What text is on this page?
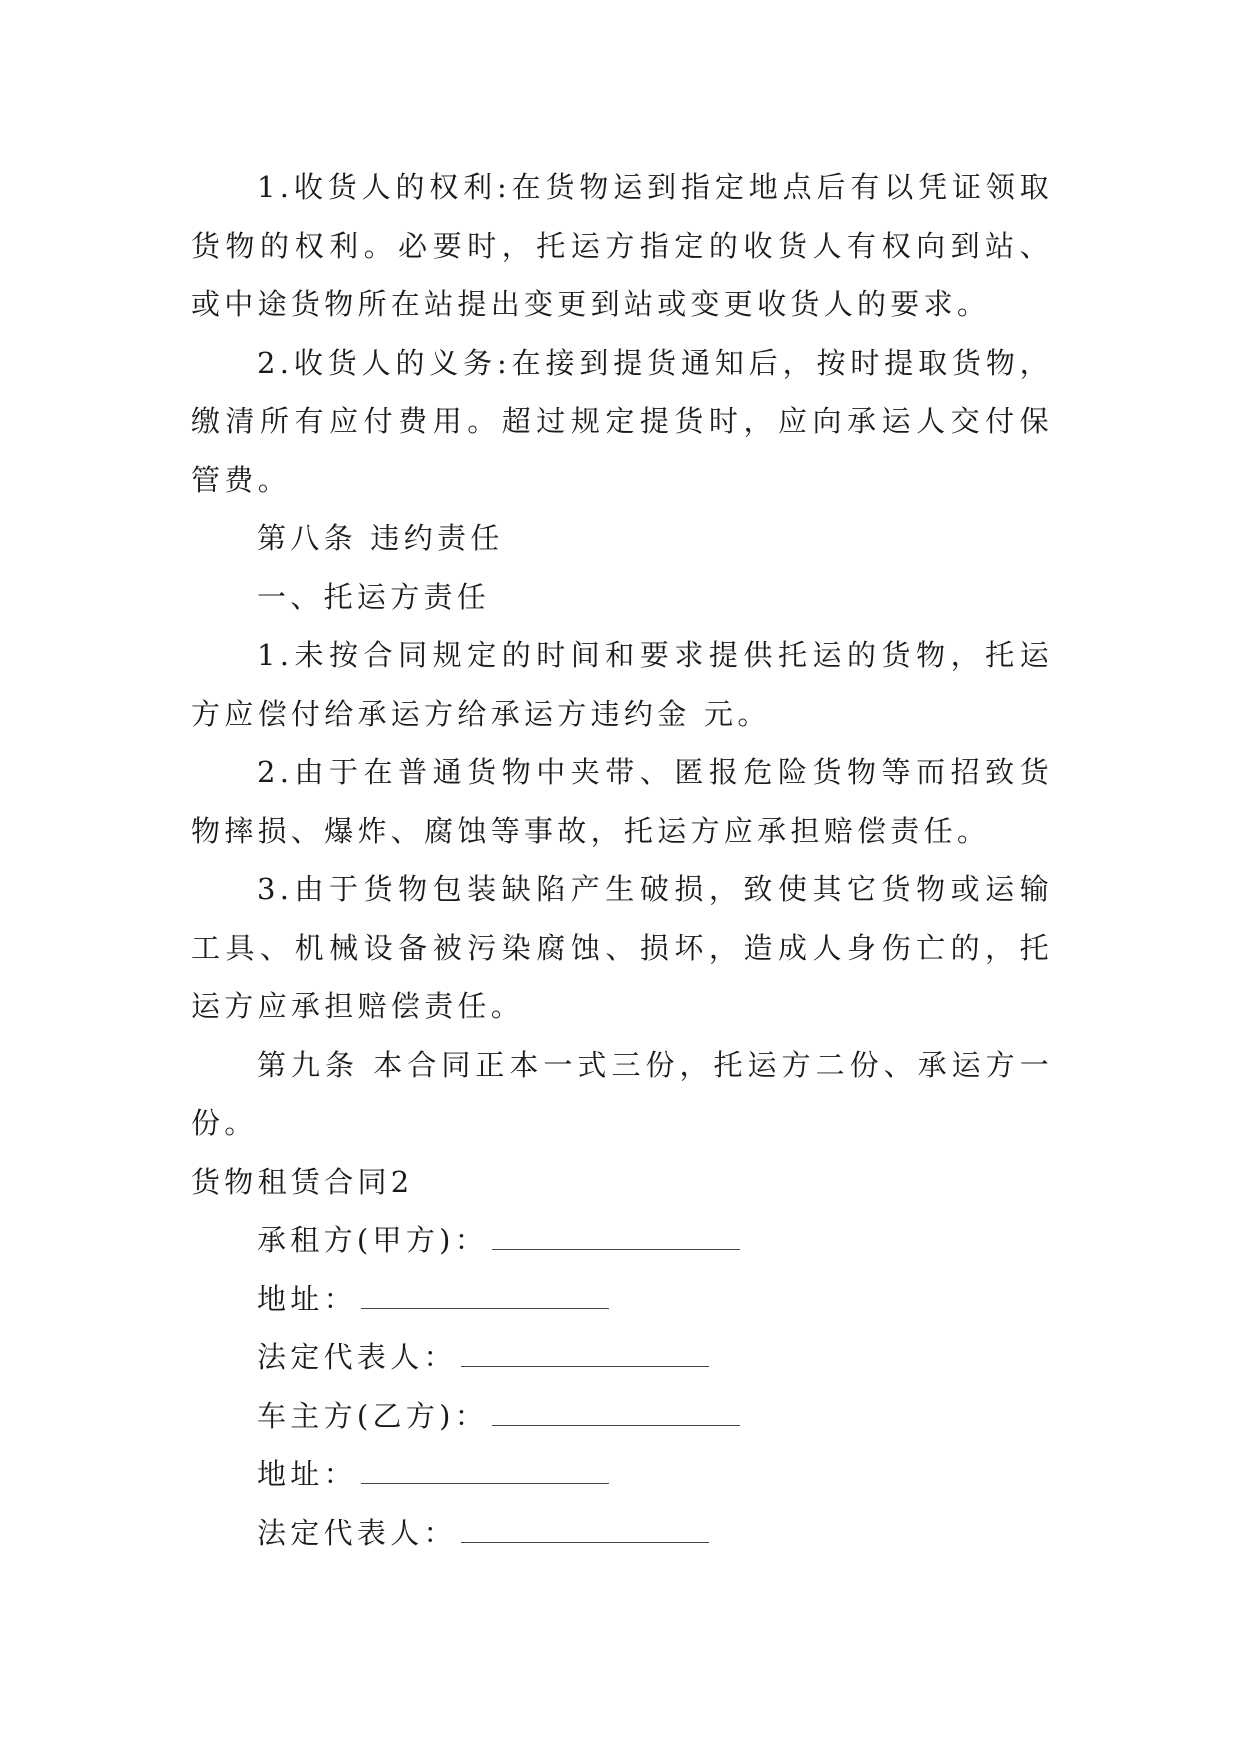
1.收货人的权利:在货物运到指定地点后有以凭证领取货物的权利。必要时，托运方指定的收货人有权向到站、或中途货物所在站提出变更到站或变更收货人的要求。

2.收货人的义务:在接到提货通知后，按时提取货物，缴清所有应付费用。超过规定提货时，应向承运人交付保管费。

第八条 违约责任

一、托运方责任

1.未按合同规定的时间和要求提供托运的货物，托运方应偿付给承运方给承运方违约金 元。

2.由于在普通货物中夹带、匿报危险货物等而招致货物摔损、爆炸、腐蚀等事故，托运方应承担赔偿责任。

3.由于货物包装缺陷产生破损，致使其它货物或运输工具、机械设备被污染腐蚀、损坏，造成人身伤亡的，托运方应承担赔偿责任。

第九条 本合同正本一式三份，托运方二份、承运方一份。

货物租赁合同2

承租方(甲方)：

地址：

法定代表人：

车主方(乙方)：

地址：

法定代表人：
